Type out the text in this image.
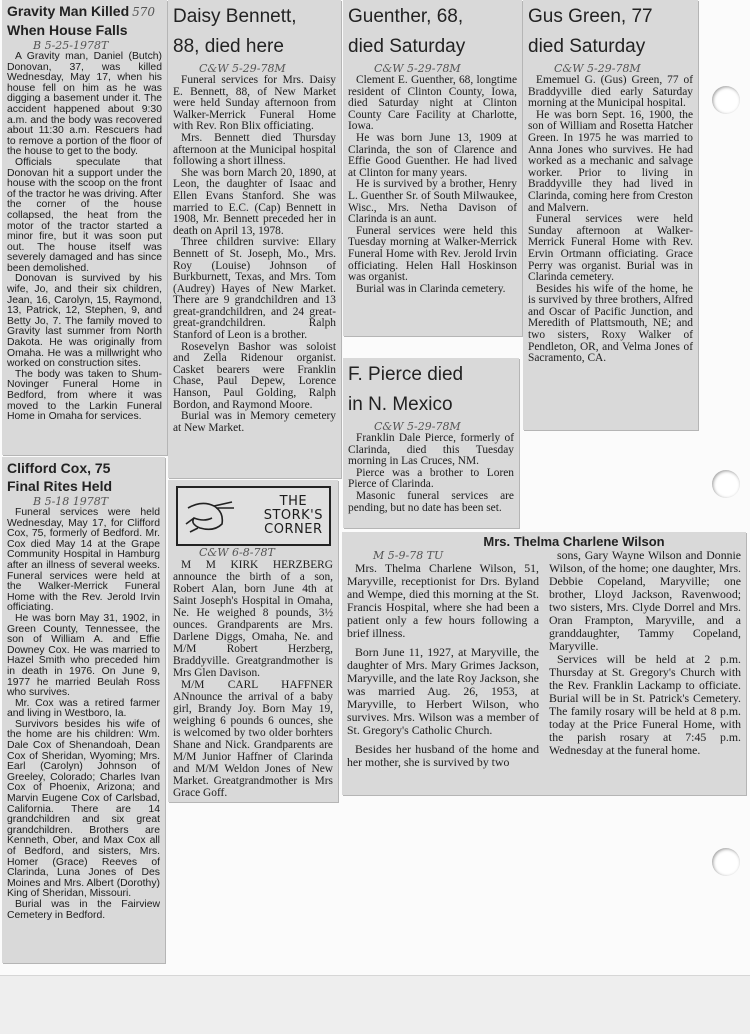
Gravity Man Killed 570
When House Falls
B 5-25-1978T

A Gravity man, Daniel (Butch) Donovan, 37, was killed Wednesday, May 17, when his house fell on him as he was digging a basement under it. The accident happened about 9:30 a.m. and the body was recovered about 11:30 a.m. Rescuers had to remove a portion of the floor of the house to get to the body.

Officials speculate that Donovan hit a support under the house with the scoop on the front of the tractor he was driving. After the corner of the house collapsed, the heat from the motor of the tractor started a minor fire, but it was soon put out. The house itself was severely damaged and has since been demolished.

Donovan is survived by his wife, Jo, and their six children, Jean, 16, Carolyn, 15, Raymond, 13, Patrick, 12, Stephen, 9, and Betty Jo, 7. The family moved to Gravity last summer from North Dakota. He was originally from Omaha. He was a millwright who worked on construction sites.

The body was taken to Shum-Novinger Funeral Home in Bedford, from where it was moved to the Larkin Funeral Home in Omaha for services.

Clifford Cox, 75
Final Rites Held
B 5-18 1978T

Funeral services were held Wednesday, May 17, for Clifford Cox, 75, formerly of Bedford. Mr. Cox died May 14 at the Grape Community Hospital in Hamburg after an illness of several weeks. Funeral services were held at the Walker-Merrick Funeral Home with the Rev. Jerold Irvin officiating.

He was born May 31, 1902, in Green County, Tennessee, the son of William A. and Effie Downey Cox. He was married to Hazel Smith who preceded him in death in 1976. On June 9, 1977 he married Beulah Ross who survives.

Mr. Cox was a retired farmer and living in Westboro, Ia.

Survivors besides his wife of the home are his children: Wm. Dale Cox of Shenandoah, Dean Cox of Sheridan, Wyoming; Mrs. Earl (Carolyn) Johnson of Greeley, Colorado; Charles Ivan Cox of Phoenix, Arizona; and Marvin Eugene Cox of Carlsbad, California. There are 14 grandchildren and six great grandchildren. Brothers are Kenneth, Ober, and Max Cox all of Bedford, and sisters, Mrs. Homer (Grace) Reeves of Clarinda, Luna Jones of Des Moines and Mrs. Albert (Dorothy) King of Sheridan, Missouri.

Burial was in the Fairview Cemetery in Bedford.

Daisy Bennett,
88, died here
C&W 5-29-78M

Funeral services for Mrs. Daisy E. Bennett, 88, of New Market were held Sunday afternoon from Walker-Merrick Funeral Home with Rev. Ron Blix officiating.

Mrs. Bennett died Thursday afternoon at the Municipal hospital following a short illness.

She was born March 20, 1890, at Leon, the daughter of Isaac and Ellen Evans Stanford. She was married to E.C. (Cap) Bennett in 1908, Mr. Bennett preceded her in death on April 13, 1978.

Three children survive: Ellary Bennett of St. Joseph, Mo., Mrs. Roy (Louise) Johnson of Burkburnett, Texas, and Mrs. Tom (Audrey) Hayes of New Market. There are 9 grandchildren and 13 great-grandchildren, and 24 great-great-grandchildren. Ralph Stanford of Leon is a brother.

Rosevelyn Bashor was soloist and Zella Ridenour organist. Casket bearers were Franklin Chase, Paul Depew, Lorence Hanson, Paul Golding, Ralph Bordon, and Raymond Moore.

Burial was in Memory cemetery at New Market.

Guenther, 68,
died Saturday
C&W 5-29-78M

Clement E. Guenther, 68, longtime resident of Clinton County, Iowa, died Saturday night at Clinton County Care Facility at Charlotte, Iowa.

He was born June 13, 1909 at Clarinda, the son of Clarence and Effie Good Guenther. He had lived at Clinton for many years.

He is survived by a brother, Henry L. Guenther Sr. of South Milwaukee, Wisc., Mrs. Netha Davison of Clarinda is an aunt.

Funeral services were held this Tuesday morning at Walker-Merrick Funeral Home with Rev. Jerold Irvin officiating. Helen Hall Hoskinson was organist.

Burial was in Clarinda cemetery.

F. Pierce died
in N. Mexico
C&W 5-29-78M

Franklin Dale Pierce, formerly of Clarinda, died this Tuesday morning in Las Cruces, NM.

Pierce was a brother to Loren Pierce of Clarinda.

Masonic funeral services are pending, but no date has been set.

Gus Green, 77
died Saturday
C&W 5-29-78M

Ememuel G. (Gus) Green, 77 of Braddyville died early Saturday morning at the Municipal hospital.

He was born Sept. 16, 1900, the son of William and Rosetta Hatcher Green. In 1975 he was married to Anna Jones who survives. He had worked as a mechanic and salvage worker. Prior to living in Braddyville they had lived in Clarinda, coming here from Creston and Malvern.

Funeral services were held Sunday afternoon at Walker-Merrick Funeral Home with Rev. Ervin Ortmann officiating. Grace Perry was organist. Burial was in Clarinda cemetery.

Besides his wife of the home, he is survived by three brothers, Alfred and Oscar of Pacific Junction, and Meredith of Plattsmouth, NE; and two sisters, Roxy Walker of Pendleton, OR, and Velma Jones of Sacramento, CA.

THE
STORK'S
CORNER
C&W 6-8-78T

M M KIRK HERZBERG announce the birth of a son, Robert Alan, born June 4th at Saint Joseph's Hospital in Omaha, Ne. He weighed 8 pounds, 3½ ounces. Grandparents are Mrs. Darlene Diggs, Omaha, Ne. and M/M Robert Herzberg, Braddyville. Greatgrandmother is Mrs Glen Davison.

M/M CARL HAFFNER ANnounce the arrival of a baby girl, Brandy Joy. Born May 19, weighing 6 pounds 6 ounces, she is welcomed by two older borhters Shane and Nick. Grandparents are M/M Junior Haffner of Clarinda and M/M Weldon Jones of New Market. Greatgrandmother is Mrs Grace Goff.

Mrs. Thelma Charlene Wilson
M 5-9-78 TU

Mrs. Thelma Charlene Wilson, 51, Maryville, receptionist for Drs. Byland and Wempe, died this morning at the St. Francis Hospital, where she had been a patient only a few hours following a brief illness.

Born June 11, 1927, at Maryville, the daughter of Mrs. Mary Grimes Jackson, Maryville, and the late Roy Jackson, she was married Aug. 26, 1953, at Maryville, to Herbert Wilson, who survives. Mrs. Wilson was a member of St. Gregory's Catholic Church.

Besides her husband of the home and her mother, she is survived by two

sons, Gary Wayne Wilson and Donnie Wilson, of the home; one daughter, Mrs. Debbie Copeland, Maryville; one brother, Lloyd Jackson, Ravenwood; two sisters, Mrs. Clyde Dorrel and Mrs. Oran Frampton, Maryville, and a granddaughter, Tammy Copeland, Maryville.

Services will be held at 2 p.m. Thursday at St. Gregory's Church with the Rev. Franklin Lackamp to officiate. Burial will be in St. Patrick's Cemetery. The family rosary will be held at 8 p.m. today at the Price Funeral Home, with the parish rosary at 7:45 p.m. Wednesday at the funeral home.
